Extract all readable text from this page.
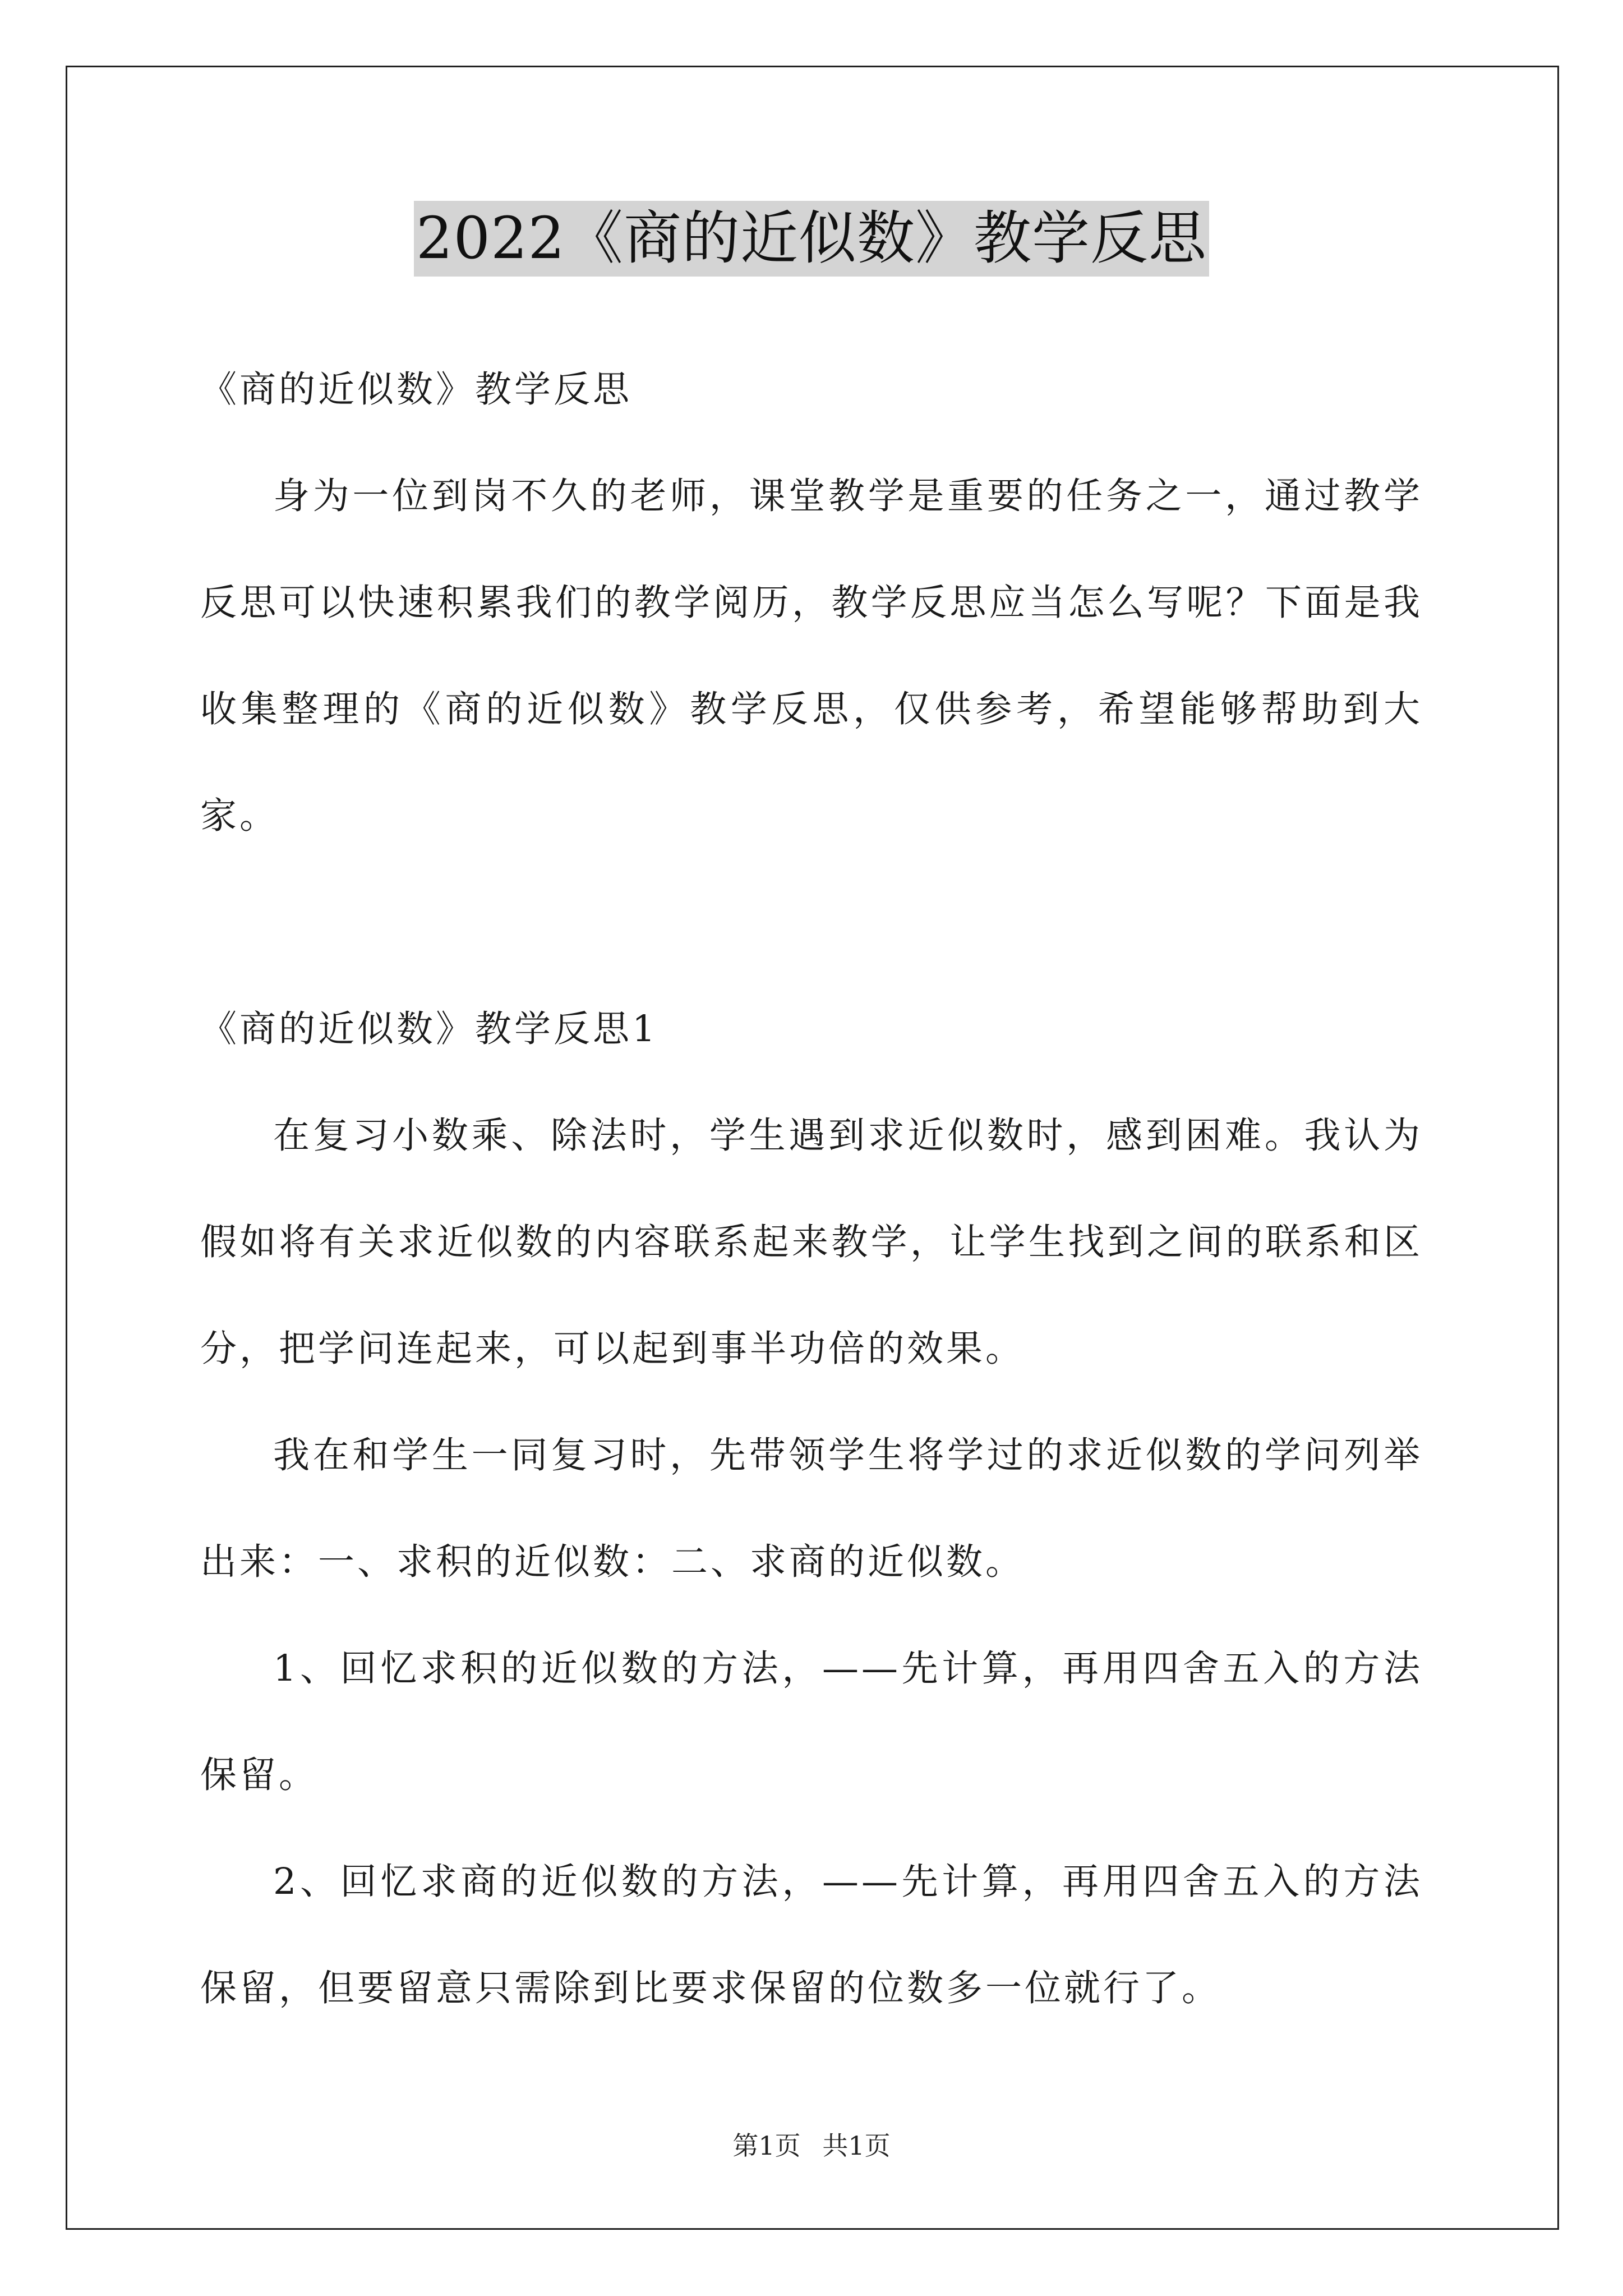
2022《商的近似数》教学反思

《商的近似数》教学反思

身为一位到岗不久的老师，课堂教学是重要的任务之一，通过教学反思可以快速积累我们的教学阅历，教学反思应当怎么写呢？下面是我收集整理的《商的近似数》教学反思，仅供参考，希望能够帮助到大家。

《商的近似数》教学反思1

在复习小数乘、除法时，学生遇到求近似数时，感到困难。我认为假如将有关求近似数的内容联系起来教学，让学生找到之间的联系和区分，把学问连起来，可以起到事半功倍的效果。

我在和学生一同复习时，先带领学生将学过的求近似数的学问列举出来：一、求积的近似数：二、求商的近似数。

1、回忆求积的近似数的方法，——先计算，再用四舍五入的方法保留。

2、回忆求商的近似数的方法，——先计算，再用四舍五入的方法保留，但要留意只需除到比要求保留的位数多一位就行了。

第1页 共1页
